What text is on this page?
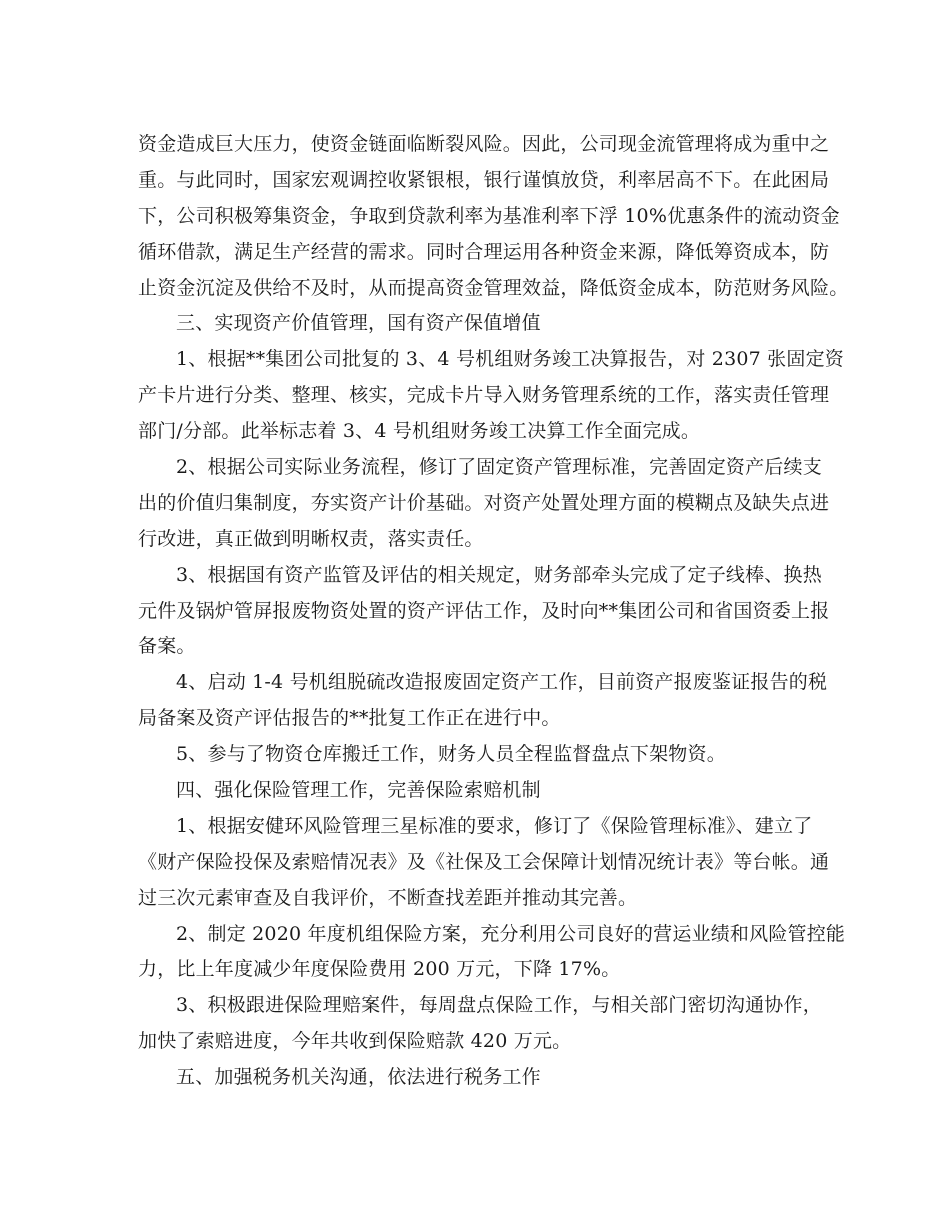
资金造成巨大压力，使资金链面临断裂风险。因此，公司现金流管理将成为重中之
重。与此同时，国家宏观调控收紧银根，银行谨慎放贷，利率居高不下。在此困局
下，公司积极筹集资金，争取到贷款利率为基准利率下浮 10%优惠条件的流动资金
循环借款，满足生产经营的需求。同时合理运用各种资金来源，降低筹资成本，防
止资金沉淀及供给不及时，从而提高资金管理效益，降低资金成本，防范财务风险。
三、实现资产价值管理，国有资产保值增值
1、根据**集团公司批复的 3、4 号机组财务竣工决算报告，对 2307 张固定资
产卡片进行分类、整理、核实，完成卡片导入财务管理系统的工作，落实责任管理
部门/分部。此举标志着 3、4 号机组财务竣工决算工作全面完成。
2、根据公司实际业务流程，修订了固定资产管理标准，完善固定资产后续支
出的价值归集制度，夯实资产计价基础。对资产处置处理方面的模糊点及缺失点进
行改进，真正做到明晰权责，落实责任。
3、根据国有资产监管及评估的相关规定，财务部牵头完成了定子线棒、换热
元件及锅炉管屏报废物资处置的资产评估工作，及时向**集团公司和省国资委上报
备案。
4、启动 1-4 号机组脱硫改造报废固定资产工作，目前资产报废鉴证报告的税
局备案及资产评估报告的**批复工作正在进行中。
5、参与了物资仓库搬迁工作，财务人员全程监督盘点下架物资。
四、强化保险管理工作，完善保险索赔机制
1、根据安健环风险管理三星标准的要求，修订了《保险管理标准》、建立了
《财产保险投保及索赔情况表》及《社保及工会保障计划情况统计表》等台帐。通
过三次元素审查及自我评价，不断查找差距并推动其完善。
2、制定 2020 年度机组保险方案，充分利用公司良好的营运业绩和风险管控能
力，比上年度减少年度保险费用 200 万元，下降 17%。
3、积极跟进保险理赔案件，每周盘点保险工作，与相关部门密切沟通协作，
加快了索赔进度，今年共收到保险赔款 420 万元。
五、加强税务机关沟通，依法进行税务工作
